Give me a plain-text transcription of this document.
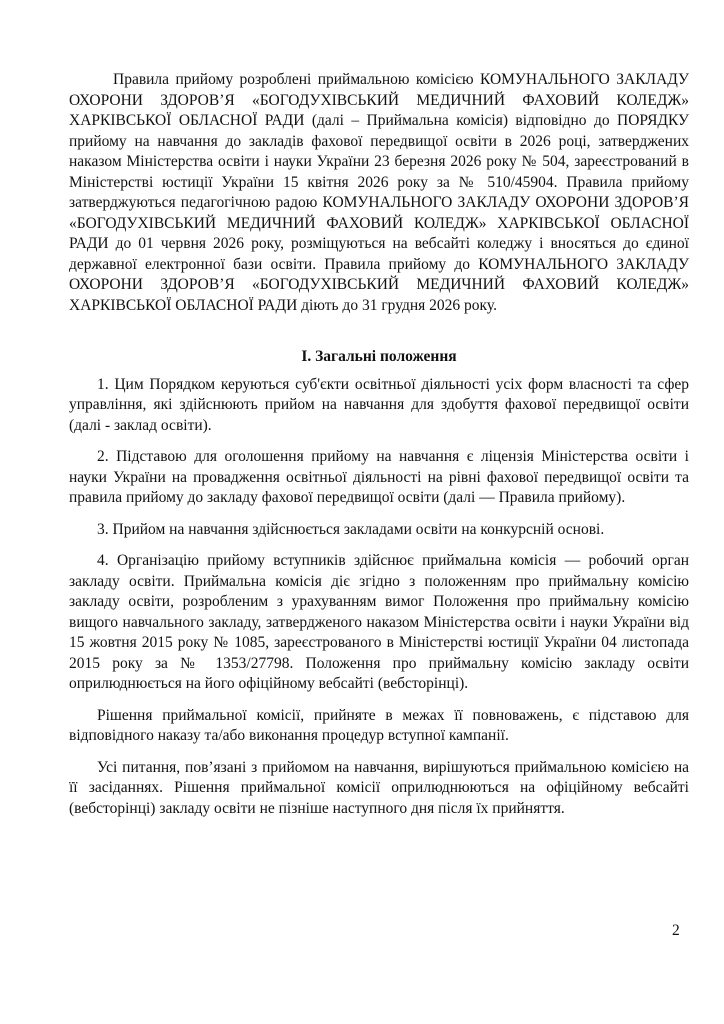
Правила прийому розроблені приймальною комісією КОМУНАЛЬНОГО ЗАКЛАДУ ОХОРОНИ ЗДОРОВ’Я «БОГОДУХІВСЬКИЙ МЕДИЧНИЙ ФАХОВИЙ КОЛЕДЖ» ХАРКІВСЬКОЇ ОБЛАСНОЇ РАДИ (далі – Приймальна комісія) відповідно до ПОРЯДКУ прийому на навчання до закладів фахової передвищої освіти в 2026 році, затверджених наказом Міністерства освіти і науки України 23 березня 2026 року № 504, зареєстрований в Міністерстві юстиції України 15 квітня 2026 року за № 510/45904. Правила прийому затверджуються педагогічною радою КОМУНАЛЬНОГО ЗАКЛАДУ ОХОРОНИ ЗДОРОВ’Я «БОГОДУХІВСЬКИЙ МЕДИЧНИЙ ФАХОВИЙ КОЛЕДЖ» ХАРКІВСЬКОЇ ОБЛАСНОЇ РАДИ до 01 червня 2026 року, розміщуються на вебсайті коледжу і вносяться до єдиної державної електронної бази освіти. Правила прийому до КОМУНАЛЬНОГО ЗАКЛАДУ ОХОРОНИ ЗДОРОВ’Я «БОГОДУХІВСЬКИЙ МЕДИЧНИЙ ФАХОВИЙ КОЛЕДЖ» ХАРКІВСЬКОЇ ОБЛАСНОЇ РАДИ діють до 31 грудня 2026 року.

І. Загальні положення

1. Цим Порядком керуються суб'єкти освітньої діяльності усіх форм власності та сфер управління, які здійснюють прийом на навчання для здобуття фахової передвищої освіти (далі - заклад освіти).

2. Підставою для оголошення прийому на навчання є ліцензія Міністерства освіти і науки України на провадження освітньої діяльності на рівні фахової передвищої освіти та правила прийому до закладу фахової передвищої освіти (далі — Правила прийому).

3. Прийом на навчання здійснюється закладами освіти на конкурсній основі.

4. Організацію прийому вступників здійснює приймальна комісія — робочий орган закладу освіти. Приймальна комісія діє згідно з положенням про приймальну комісію закладу освіти, розробленим з урахуванням вимог Положення про приймальну комісію вищого навчального закладу, затвердженого наказом Міністерства освіти і науки України від 15 жовтня 2015 року № 1085, зареєстрованого в Міністерстві юстиції України 04 листопада 2015 року за № 1353/27798. Положення про приймальну комісію закладу освіти оприлюднюється на його офіційному вебсайті (вебсторінці).

Рішення приймальної комісії, прийняте в межах її повноважень, є підставою для відповідного наказу та/або виконання процедур вступної кампанії.

Усі питання, пов’язані з прийомом на навчання, вирішуються приймальною комісією на її засіданнях. Рішення приймальної комісії оприлюднюються на офіційному вебсайті (вебсторінці) закладу освіти не пізніше наступного дня після їх прийняття.

2
